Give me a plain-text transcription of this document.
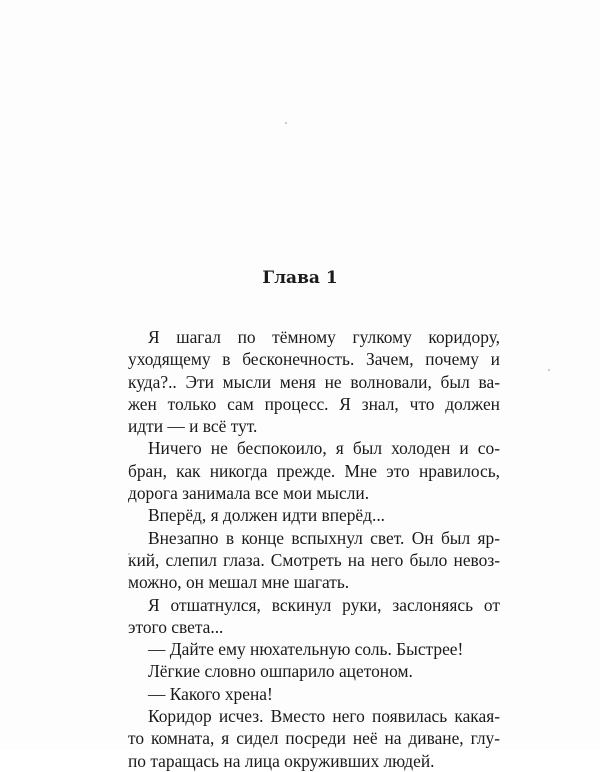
Глава 1
Я шагал по тёмному гулкому коридору,
уходящему в бесконечность. Зачем, почему и
куда?.. Эти мысли меня не волновали, был ва-
жен только сам процесс. Я знал, что должен
идти — и всё тут.
Ничего не беспокоило, я был холоден и со-
бран, как никогда прежде. Мне это нравилось,
дорога занимала все мои мысли.
Вперёд, я должен идти вперёд...
Внезапно в конце вспыхнул свет. Он был яр-
кий, слепил глаза. Смотреть на него было невоз-
можно, он мешал мне шагать.
Я отшатнулся, вскинул руки, заслоняясь от
этого света...
— Дайте ему нюхательную соль. Быстрее!
Лёгкие словно ошпарило ацетоном.
— Какого хрена!
Коридор исчез. Вместо него появилась какая-
то комната, я сидел посреди неё на диване, глу-
по таращась на лица окруживших людей.
